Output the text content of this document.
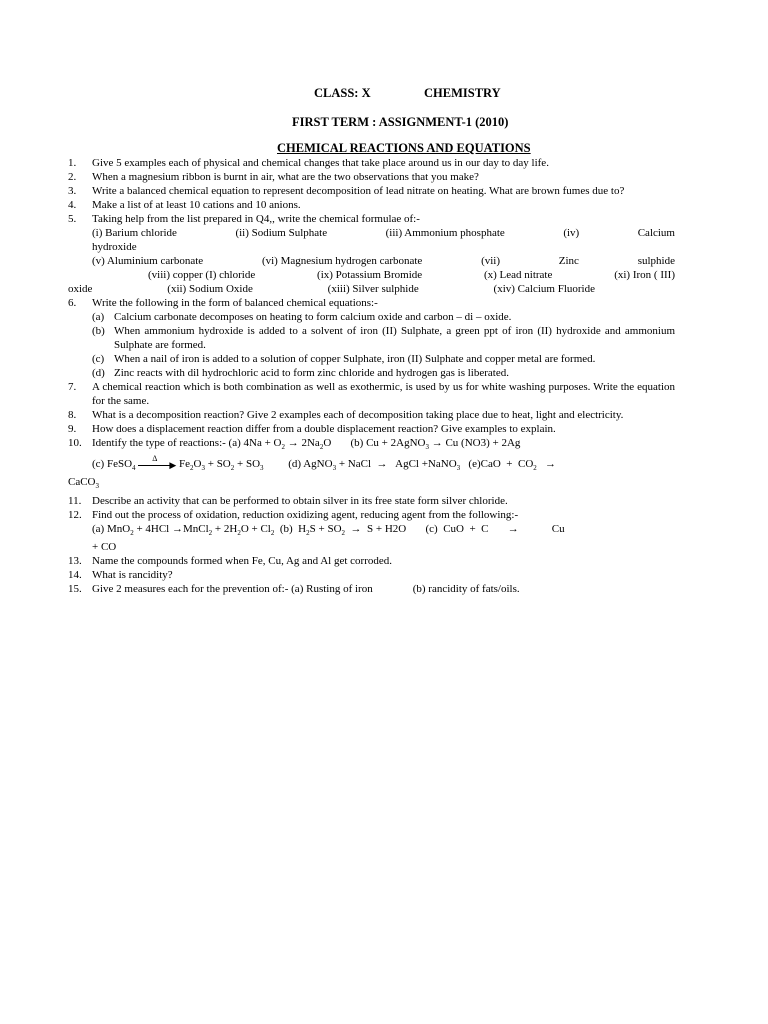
CLASS: X	CHEMISTRY
FIRST TERM : ASSIGNMENT-1 (2010)
CHEMICAL REACTIONS AND EQUATIONS
1.	Give 5 examples each of physical and chemical changes that take place around us in our day to day life.
2.	When a magnesium ribbon is burnt in air, what are the two observations that you make?
3.	Write a balanced chemical equation to represent decomposition of lead nitrate on heating. What are brown fumes due to?
4.	Make a list of at least 10 cations and 10 anions.
5.	Taking help from the list prepared in Q4,, write the chemical formulae of:-
(i) Barium chloride	(ii) Sodium Sulphate	(iii) Ammonium phosphate	(iv)	Calcium
hydroxide
(v) Aluminium carbonate	(vi) Magnesium hydrogen carbonate	(vii)	Zinc	sulphide
(viii) copper (I) chloride	(ix) Potassium Bromide	(x) Lead nitrate	(xi) Iron ( III)
oxide	(xii) Sodium Oxide	(xiii) Silver sulphide	(xiv) Calcium Fluoride
6.	Write the following in the form of balanced chemical equations:-
(a) Calcium carbonate decomposes on heating to form calcium oxide and carbon – di – oxide.
(b) When ammonium hydroxide is added to a solvent of iron (II) Sulphate, a green ppt of iron (II) hydroxide and ammonium Sulphate are formed.
(c) When a nail of iron is added to a solution of copper Sulphate, iron (II) Sulphate and copper metal are formed.
(d) Zinc reacts with dil hydrochloric acid to form zinc chloride and hydrogen gas is liberated.
7.	A chemical reaction which is both combination as well as exothermic, is used by us for white washing purposes. Write the equation for the same.
8.	What is a decomposition reaction? Give 2 examples each of decomposition taking place due to heat, light and electricity.
9.	How does a displacement reaction differ from a double displacement reaction? Give examples to explain.
10. Identify the type of reactions:- (a) $4Na + O_2 \to 2Na_2O$       (b) Cu + 2AgNO$_3$ → Cu (NO3) + 2Ag
(c) FeSO$_4$
Δ
▶ $Fe_2O_3 + SO_2 + SO_3$         (d) AgNO$_3$ + NaCl  →   AgCl +NaNO$_3$   $(e)CaO + CO_2$   →
CaCO$_3$
11. Describe an activity that can be performed to obtain silver in its free state form silver chloride.
12. Find out the process of oxidation, reduction oxidizing agent, reducing agent from the following:-
(a) MnO$_2$ + 4HCl →MnCl$_2$ + $2H_2O + Cl_2$  (b)  $H_2S + SO_2 \to S + H2O$       (c)  CuO  +  C       →            Cu
+ CO
13. Name the compounds formed when Fe, Cu, Ag and Al get corroded.
14. What is rancidity?
15. Give 2 measures each for the prevention of:- (a) Rusting of iron	(b) rancidity of fats/oils.
